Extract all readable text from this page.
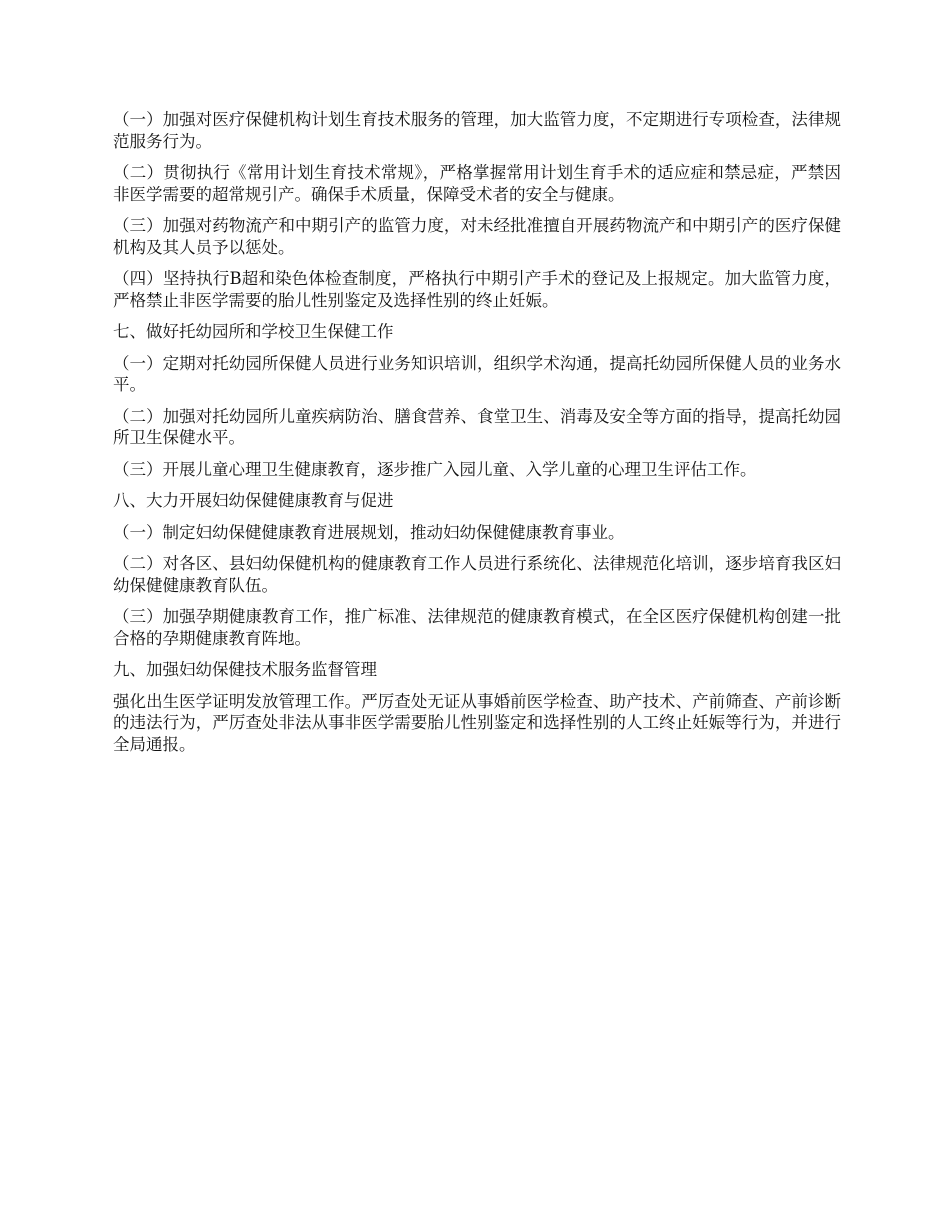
（一）加强对医疗保健机构计划生育技术服务的管理，加大监管力度，不定期进行专项检查，法律规范服务行为。

（二）贯彻执行《常用计划生育技术常规》，严格掌握常用计划生育手术的适应症和禁忌症，严禁因非医学需要的超常规引产。确保手术质量，保障受术者的安全与健康。

（三）加强对药物流产和中期引产的监管力度，对未经批准擅自开展药物流产和中期引产的医疗保健机构及其人员予以惩处。

（四）坚持执行B超和染色体检查制度，严格执行中期引产手术的登记及上报规定。加大监管力度，严格禁止非医学需要的胎儿性别鉴定及选择性别的终止妊娠。

七、做好托幼园所和学校卫生保健工作

（一）定期对托幼园所保健人员进行业务知识培训，组织学术沟通，提高托幼园所保健人员的业务水平。

（二）加强对托幼园所儿童疾病防治、膳食营养、食堂卫生、消毒及安全等方面的指导，提高托幼园所卫生保健水平。

（三）开展儿童心理卫生健康教育，逐步推广入园儿童、入学儿童的心理卫生评估工作。

八、大力开展妇幼保健健康教育与促进

（一）制定妇幼保健健康教育进展规划，推动妇幼保健健康教育事业。

（二）对各区、县妇幼保健机构的健康教育工作人员进行系统化、法律规范化培训，逐步培育我区妇幼保健健康教育队伍。

（三）加强孕期健康教育工作，推广标准、法律规范的健康教育模式，在全区医疗保健机构创建一批合格的孕期健康教育阵地。

九、加强妇幼保健技术服务监督管理

强化出生医学证明发放管理工作。严厉查处无证从事婚前医学检查、助产技术、产前筛查、产前诊断的违法行为，严厉查处非法从事非医学需要胎儿性别鉴定和选择性别的人工终止妊娠等行为，并进行全局通报。
